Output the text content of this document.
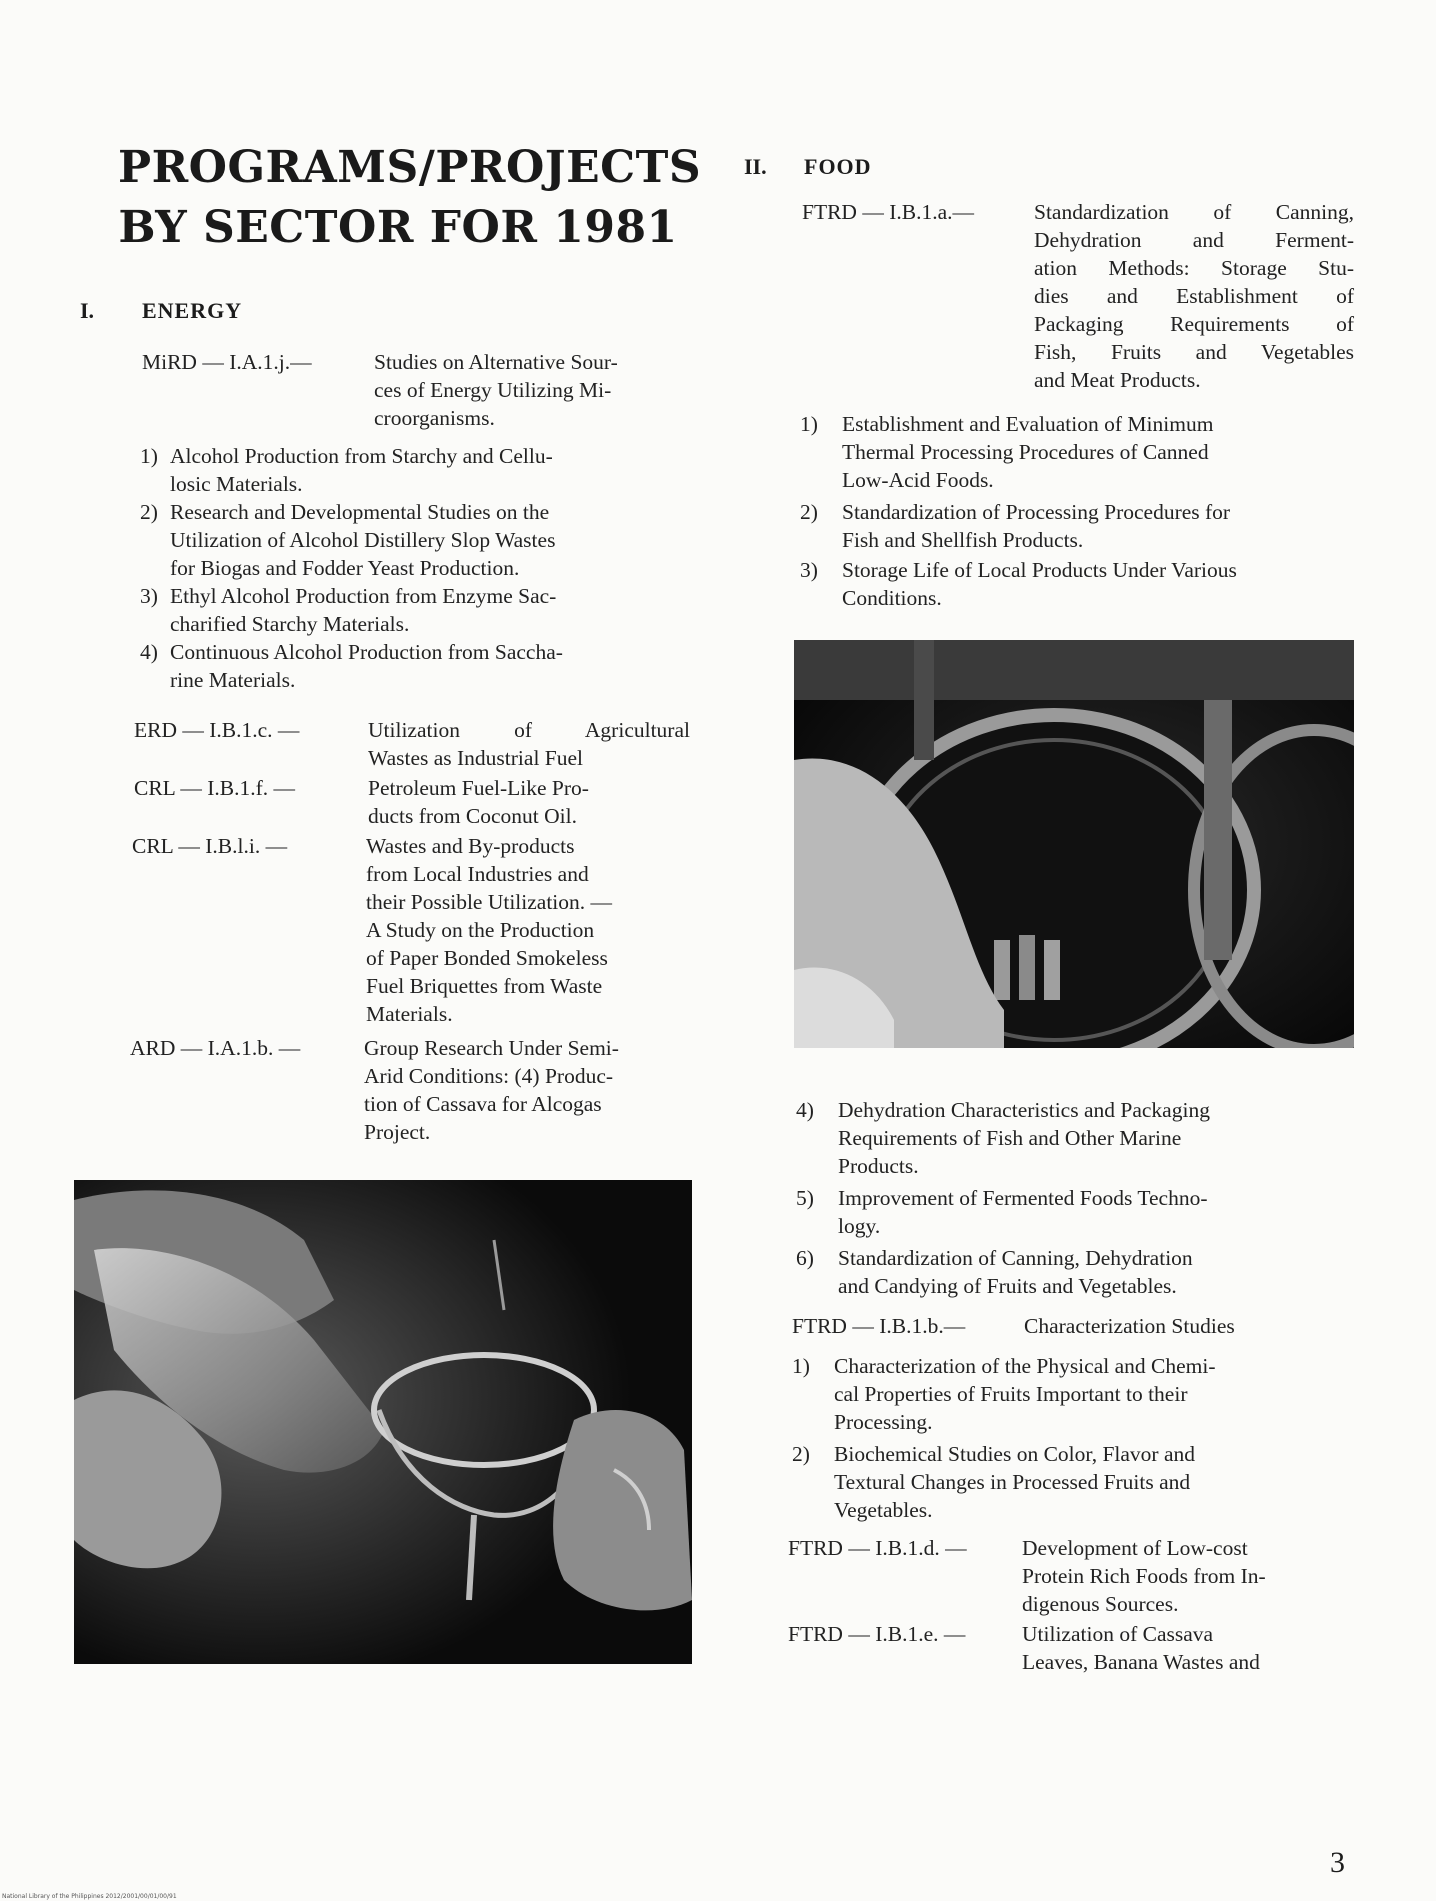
PROGRAMS/PROJECTS
BY SECTOR FOR 1981
I. ENERGY
MiRD — I.A.1.j.—	Studies on Alternative Sour-
ces of Energy Utilizing Mi-
croorganisms.
1) Alcohol Production from Starchy and Cellu-
losic Materials.
2) Research and Developmental Studies on the
Utilization of Alcohol Distillery Slop Wastes
for Biogas and Fodder Yeast Production.
3) Ethyl Alcohol Production from Enzyme Sac-
charified Starchy Materials.
4) Continuous Alcohol Production from Saccha-
rine Materials.
ERD — I.B.1.c. —	Utilization of Agricultural
Wastes as Industrial Fuel
CRL — I.B.1.f. —	Petroleum Fuel-Like Pro-
ducts from Coconut Oil.
CRL — I.B.l.i. —	Wastes and By-products
from Local Industries and
their Possible Utilization. —
A Study on the Production
of Paper Bonded Smokeless
Fuel Briquettes from Waste
Materials.
ARD — I.A.1.b. —	Group Research Under Semi-
Arid Conditions: (4) Produc-
tion of Cassava for Alcogas
Project.
II. FOOD
FTRD — I.B.1.a.—	Standardization of Canning,
Dehydration and Ferment-
ation Methods: Storage Stu-
dies and Establishment of
Packaging Requirements of
Fish, Fruits and Vegetables
and Meat Products.
1)	Establishment and Evaluation of Minimum
Thermal Processing Procedures of Canned
Low-Acid Foods.
2)	Standardization of Processing Procedures for
Fish and Shellfish Products.
3)	Storage Life of Local Products Under Various
Conditions.
4)	Dehydration Characteristics and Packaging
Requirements of Fish and Other Marine
Products.
5)	Improvement of Fermented Foods Techno-
logy.
6)	Standardization of Canning, Dehydration
and Candying of Fruits and Vegetables.
FTRD — I.B.1.b.—	Characterization Studies
1)	Characterization of the Physical and Chemi-
cal Properties of Fruits Important to their
Processing.
2)	Biochemical Studies on Color, Flavor and
Textural Changes in Processed Fruits and
Vegetables.
FTRD — I.B.1.d. —	Development of Low-cost
Protein Rich Foods from In-
digenous Sources.
FTRD — I.B.1.e. —	Utilization of Cassava
Leaves, Banana Wastes and
3
National Library of the Philippines 2012/2001/00/01/00/91
